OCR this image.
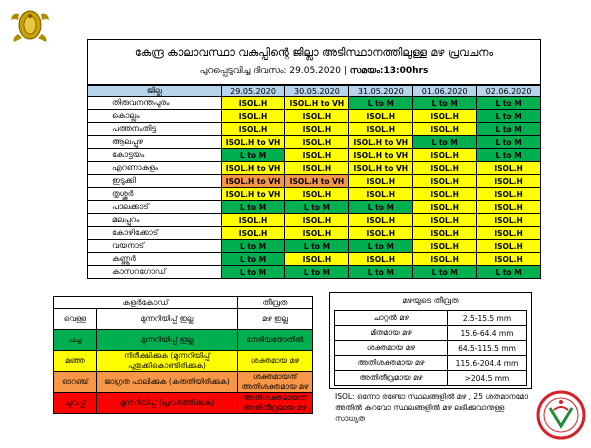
കേന്ദ്ര കാലാവസ്ഥാ വകുപ്പിന്റെ ജില്ലാ അടിസ്ഥാനത്തിലുള്ള മഴ പ്രവചനം
പുറപ്പെടുവിച്ച ദിവസം: 29.05.2020 | സമയം:13:00hrs
ജില്ല	29.05.2020	30.05.2020	31.05.2020	01.06.2020	02.06.2020
തിരുവനന്തപുരം	ISOL.H	ISOL.H to VH	L to M	L to M	L to M
കൊല്ലം	ISOL.H	ISOL.H	ISOL.H	ISOL.H	L to M
പത്തനംതിട്ട	ISOL.H	ISOL.H	ISOL.H	ISOL.H	L to M
ആലപ്പുഴ	ISOL.H to VH	ISOL.H	ISOL.H to VH	L to M	L to M
കോട്ടയം	L to M	ISOL.H	ISOL.H to VH	ISOL.H	L to M
എറണാകുളം	ISOL.H to VH	ISOL.H	ISOL.H to VH	ISOL.H	ISOL.H
ഇടുക്കി	ISOL.H to VH	ISOL.H to VH	ISOL.H	ISOL.H	ISOL.H
തൃശ്ശൂർ	ISOL.H to VH	ISOL.H	ISOL.H	ISOL.H	ISOL.H
പാലക്കാട്	L to M	L to M	L to M	ISOL.H	ISOL.H
മലപ്പുറം	ISOL.H	ISOL.H	ISOL.H	ISOL.H	ISOL.H
കോഴിക്കോട്	ISOL.H	ISOL.H	ISOL.H	ISOL.H	ISOL.H
വയനാട്	L to M	L to M	L to M	ISOL.H	ISOL.H
കണ്ണൂർ	L to M	ISOL.H	ISOL.H	ISOL.H	ISOL.H
കാസറഗോഡ്	L to M	L to M	L to M	L to M	L to M
കളർകോഡ്		തീവ്രത
വെള്ള	മുന്നറിയിപ്പ് ഇല്ല	മഴ ഇല്ല
പച്ച	മുന്നറിയിപ്പ് ഇല്ല	നേരിയതോതിൽ
മഞ്ഞ	നിരീക്ഷിക്കുക (മുന്നറിയിപ്പ് പുതുക്കികൊണ്ടിരിക്കുക)	ശക്തമായ മഴ
ഓറഞ്ച്	ജാഗ്രത പാലിക്കുക (കരുതിയിരിക്കുക)	ശക്തമായത് അതിശക്തമായ മഴ
ചുവപ്പ്	മുന്നറിയിപ്പ് (പ്രവർത്തിക്കുക)	അതിശക്തമായത് അതിതീവ്രമായ മഴ
മഴയുടെ തീവ്രത
ചാറ്റൽ മഴ	2.5-15.5 mm
മിതമായ മഴ	15.6-64.4 mm
ശക്തമായ മഴ	64.5-115.5 mm
അതിശക്തമായ മഴ	115.6-204.4 mm
അതിതീവ്രമായ മഴ	>204.5 mm
ISOL: ഒന്നോ രണ്ടോ സ്ഥലങ്ങളിൽ മഴ , 25 ശതമാനമോ അതിൽ കുറവോ സ്ഥലങ്ങളിൽ മഴ ലഭിക്കുവാനുള്ള സാധ്യത
